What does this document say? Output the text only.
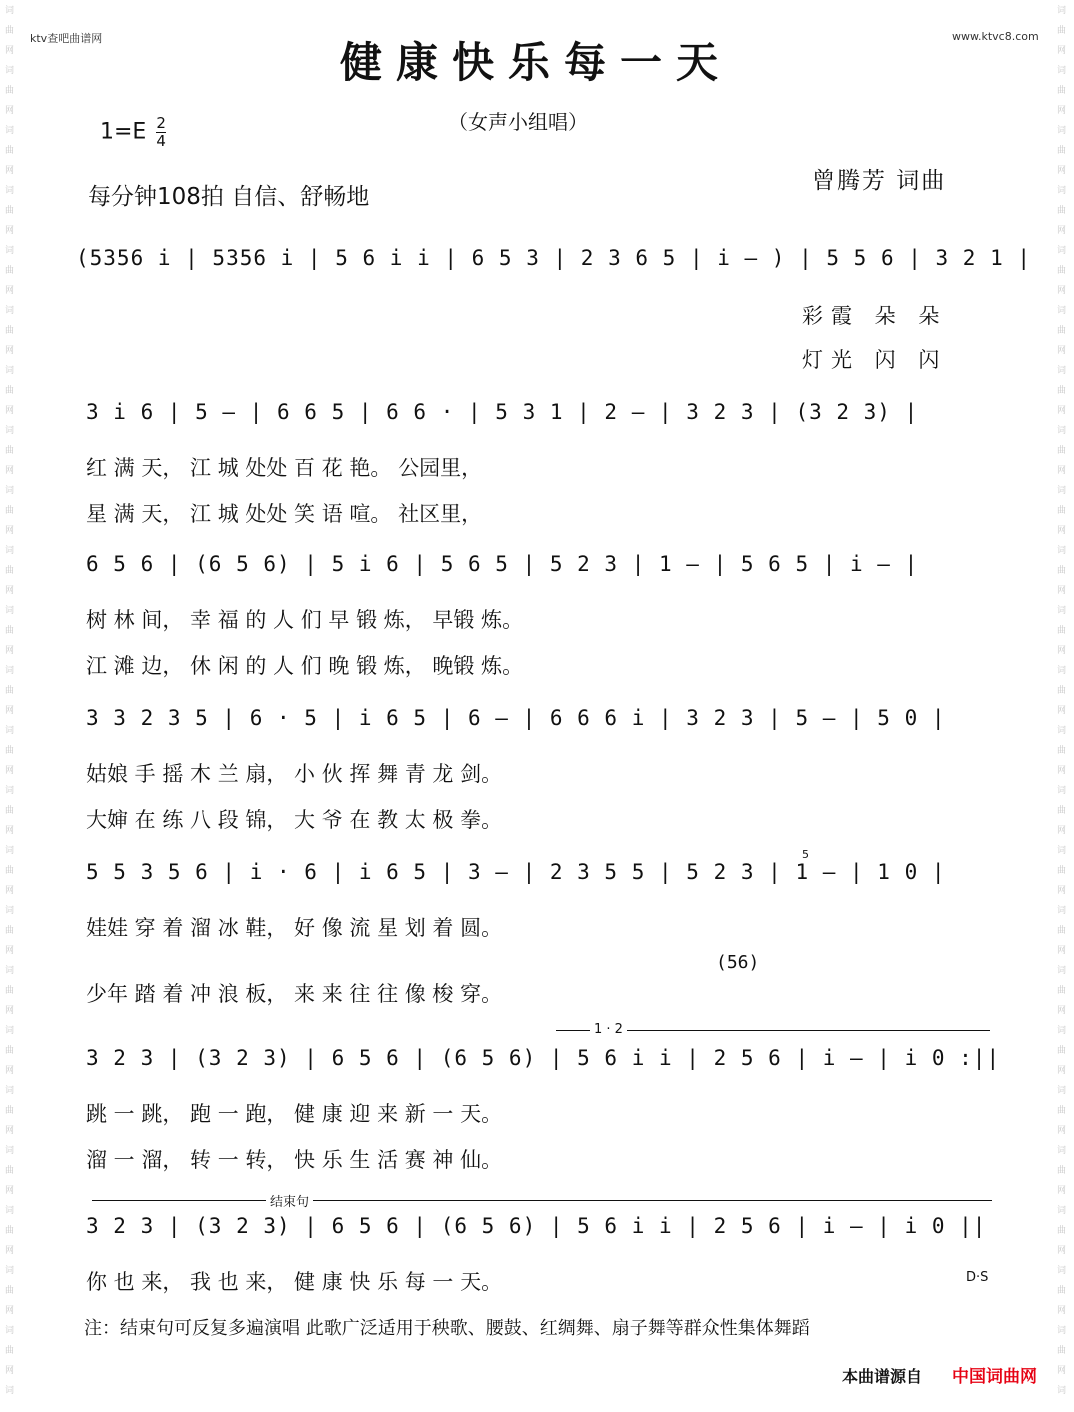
词
曲
网
词
曲
网
词
曲
网
词
曲
网
词
曲
网
词
曲
网
词
曲
网
词
曲
网
词
曲
网
词
曲
网
词
曲
网
词
曲
网
词
曲
网
词
曲
网
词
曲
网
词
曲
网
词
曲
网
词
曲
网
词
曲
网
词
曲
网
词
曲
网
词
曲
网
词
曲
网
词
词
曲
网
词
曲
网
词
曲
网
词
曲
网
词
曲
网
词
曲
网
词
曲
网
词
曲
网
词
曲
网
词
曲
网
词
曲
网
词
曲
网
词
曲
网
词
曲
网
词
曲
网
词
曲
网
词
曲
网
词
曲
网
词
曲
网
词
曲
网
词
曲
网
词
曲
网
词
曲
网
词
ktv查吧曲谱网	www.ktvc8.com
健康快乐每一天
$1=E \frac{2}{4}$	（女声小组唱）
每分钟108拍 自信、舒畅地
曾腾芳 词曲
(5356 i | 5356 i | 5 6 i i | 6 5 3 | 2 3 6 5 | i — ) | 5 5 6 | 3 2 1 |
彩霞 朵 朵
灯光 闪 闪
3 i 6 | 5 — | 6 6 5 | 6 6 · | 5 3 1 | 2 — | 3 2 3 | (3 2 3) |
红 满 天， 江 城 处处 百 花 艳。 公园里，
星 满 天， 江 城 处处 笑 语 喧。 社区里，
6 5 6 | (6 5 6) | 5 i 6 | 5 6 5 | 5 2 3 | 1 — | 5 6 5 | i — |
树 林 间， 幸 福 的 人 们 早 锻 炼， 早锻 炼。
江 滩 边， 休 闲 的 人 们 晚 锻 炼， 晚锻 炼。
3 3 2 3 5 | 6 · 5 | i 6 5 | 6 — | 6 6 6 i | 3 2 3 | 5 — | 5 0 |
姑娘 手 摇 木 兰 扇， 小 伙 挥 舞 青 龙 剑。
大婶 在 练 八 段 锦， 大 爷 在 教 太 极 拳。
5
5 5 3 5 6 | i · 6 | i 6 5 | 3 — | 2 3 5 5 | 5 2 3 | 1 — | 1 0 |
娃娃 穿 着 溜 冰 鞋， 好 像 流 星 划 着 圆。
(56)
少年 踏 着 冲 浪 板， 来 来 往 往 像 梭 穿。
1 · 2
3 2 3 | (3 2 3) | 6 5 6 | (6 5 6) | 5 6 i i | 2 5 6 | i — | i 0 :||
跳 一 跳， 跑 一 跑， 健 康 迎 来 新 一 天。
溜 一 溜， 转 一 转， 快 乐 生 活 赛 神 仙。
结束句
3 2 3 | (3 2 3) | 6 5 6 | (6 5 6) | 5 6 i i | 2 5 6 | i — | i 0 ||
你 也 来， 我 也 来， 健 康 快 乐 每 一 天。	D·S
注：结束句可反复多遍演唱 此歌广泛适用于秧歌、腰鼓、红绸舞、扇子舞等群众性集体舞蹈
本曲谱源自 中国词曲网
